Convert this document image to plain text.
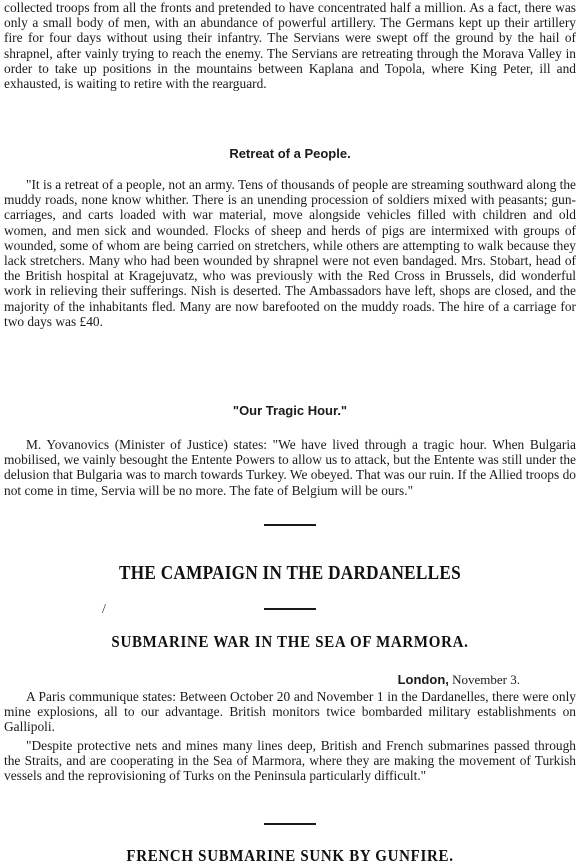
collected troops from all the fronts and pretended to have concentrated half a million. As a fact, there was only a small body of men, with an abundance of powerful artillery. The Germans kept up their artillery fire for four days without using their infantry. The Servians were swept off the ground by the hail of shrapnel, after vainly trying to reach the enemy. The Servians are retreating through the Morava Valley in order to take up positions in the mountains between Kaplana and Topola, where King Peter, ill and exhausted, is waiting to retire with the rearguard.

Retreat of a People.

"It is a retreat of a people, not an army. Tens of thousands of people are streaming southward along the muddy roads, none know whither. There is an unending procession of soldiers mixed with peasants; gun-carriages, and carts loaded with war material, move alongside vehicles filled with children and old women, and men sick and wounded. Flocks of sheep and herds of pigs are intermixed with groups of wounded, some of whom are being carried on stretchers, while others are attempting to walk because they lack stretchers. Many who had been wounded by shrapnel were not even bandaged. Mrs. Stobart, head of the British hospital at Kragejuvatz, who was previously with the Red Cross in Brussels, did wonderful work in relieving their sufferings. Nish is deserted. The Ambassadors have left, shops are closed, and the majority of the inhabitants fled. Many are now barefooted on the muddy roads. The hire of a carriage for two days was £40.

"Our Tragic Hour."

M. Yovanovics (Minister of Justice) states: "We have lived through a tragic hour. When Bulgaria mobilised, we vainly besought the Entente Powers to allow us to attack, but the Entente was still under the delusion that Bulgaria was to march towards Turkey. We obeyed. That was our ruin. If the Allied troops do not come in time, Servia will be no more. The fate of Belgium will be ours."

THE CAMPAIGN IN THE DARDANELLES
/
SUBMARINE WAR IN THE SEA OF MARMORA.

London, November 3.

A Paris communique states: Between October 20 and November 1 in the Dardanelles, there were only mine explosions, all to our advantage. British monitors twice bombarded military establishments on Gallipoli.

"Despite protective nets and mines many lines deep, British and French submarines passed through the Straits, and are cooperating in the Sea of Marmora, where they are making the movement of Turkish vessels and the reprovisioning of Turks on the Peninsula particularly difficult."

FRENCH SUBMARINE SUNK BY GUNFIRE.
